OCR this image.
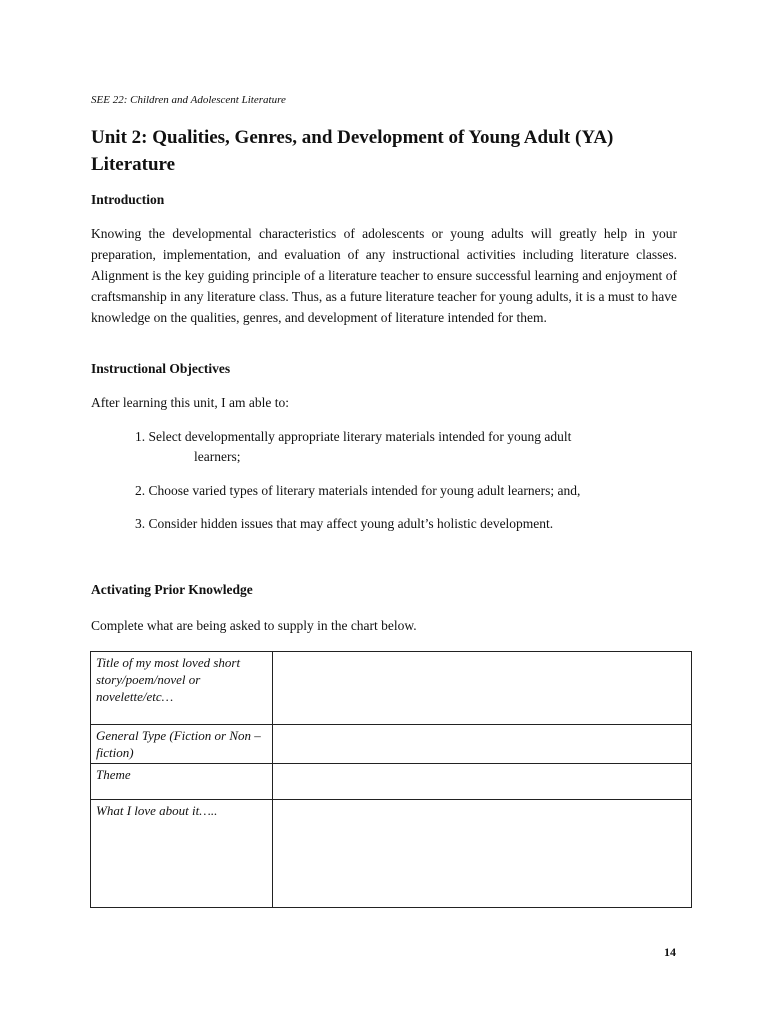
SEE 22: Children and Adolescent Literature
Unit 2: Qualities, Genres, and Development of Young Adult (YA) Literature
Introduction
Knowing the developmental characteristics of adolescents or young adults will greatly help in your preparation, implementation, and evaluation of any instructional activities including literature classes. Alignment is the key guiding principle of a literature teacher to ensure successful learning and enjoyment of craftsmanship in any literature class. Thus, as a future literature teacher for young adults, it is a must to have knowledge on the qualities, genres, and development of literature intended for them.
Instructional Objectives
After learning this unit, I am able to:
1. Select developmentally appropriate literary materials intended for young adult
learners;
2. Choose varied types of literary materials intended for young adult learners; and,
3. Consider hidden issues that may affect young adult’s holistic development.
Activating Prior Knowledge
Complete what are being asked to supply in the chart below.
Title of my most loved short story/poem/novel or novelette/etc…	
General Type (Fiction or Non – fiction)	
Theme	
What I love about it…..	
14
